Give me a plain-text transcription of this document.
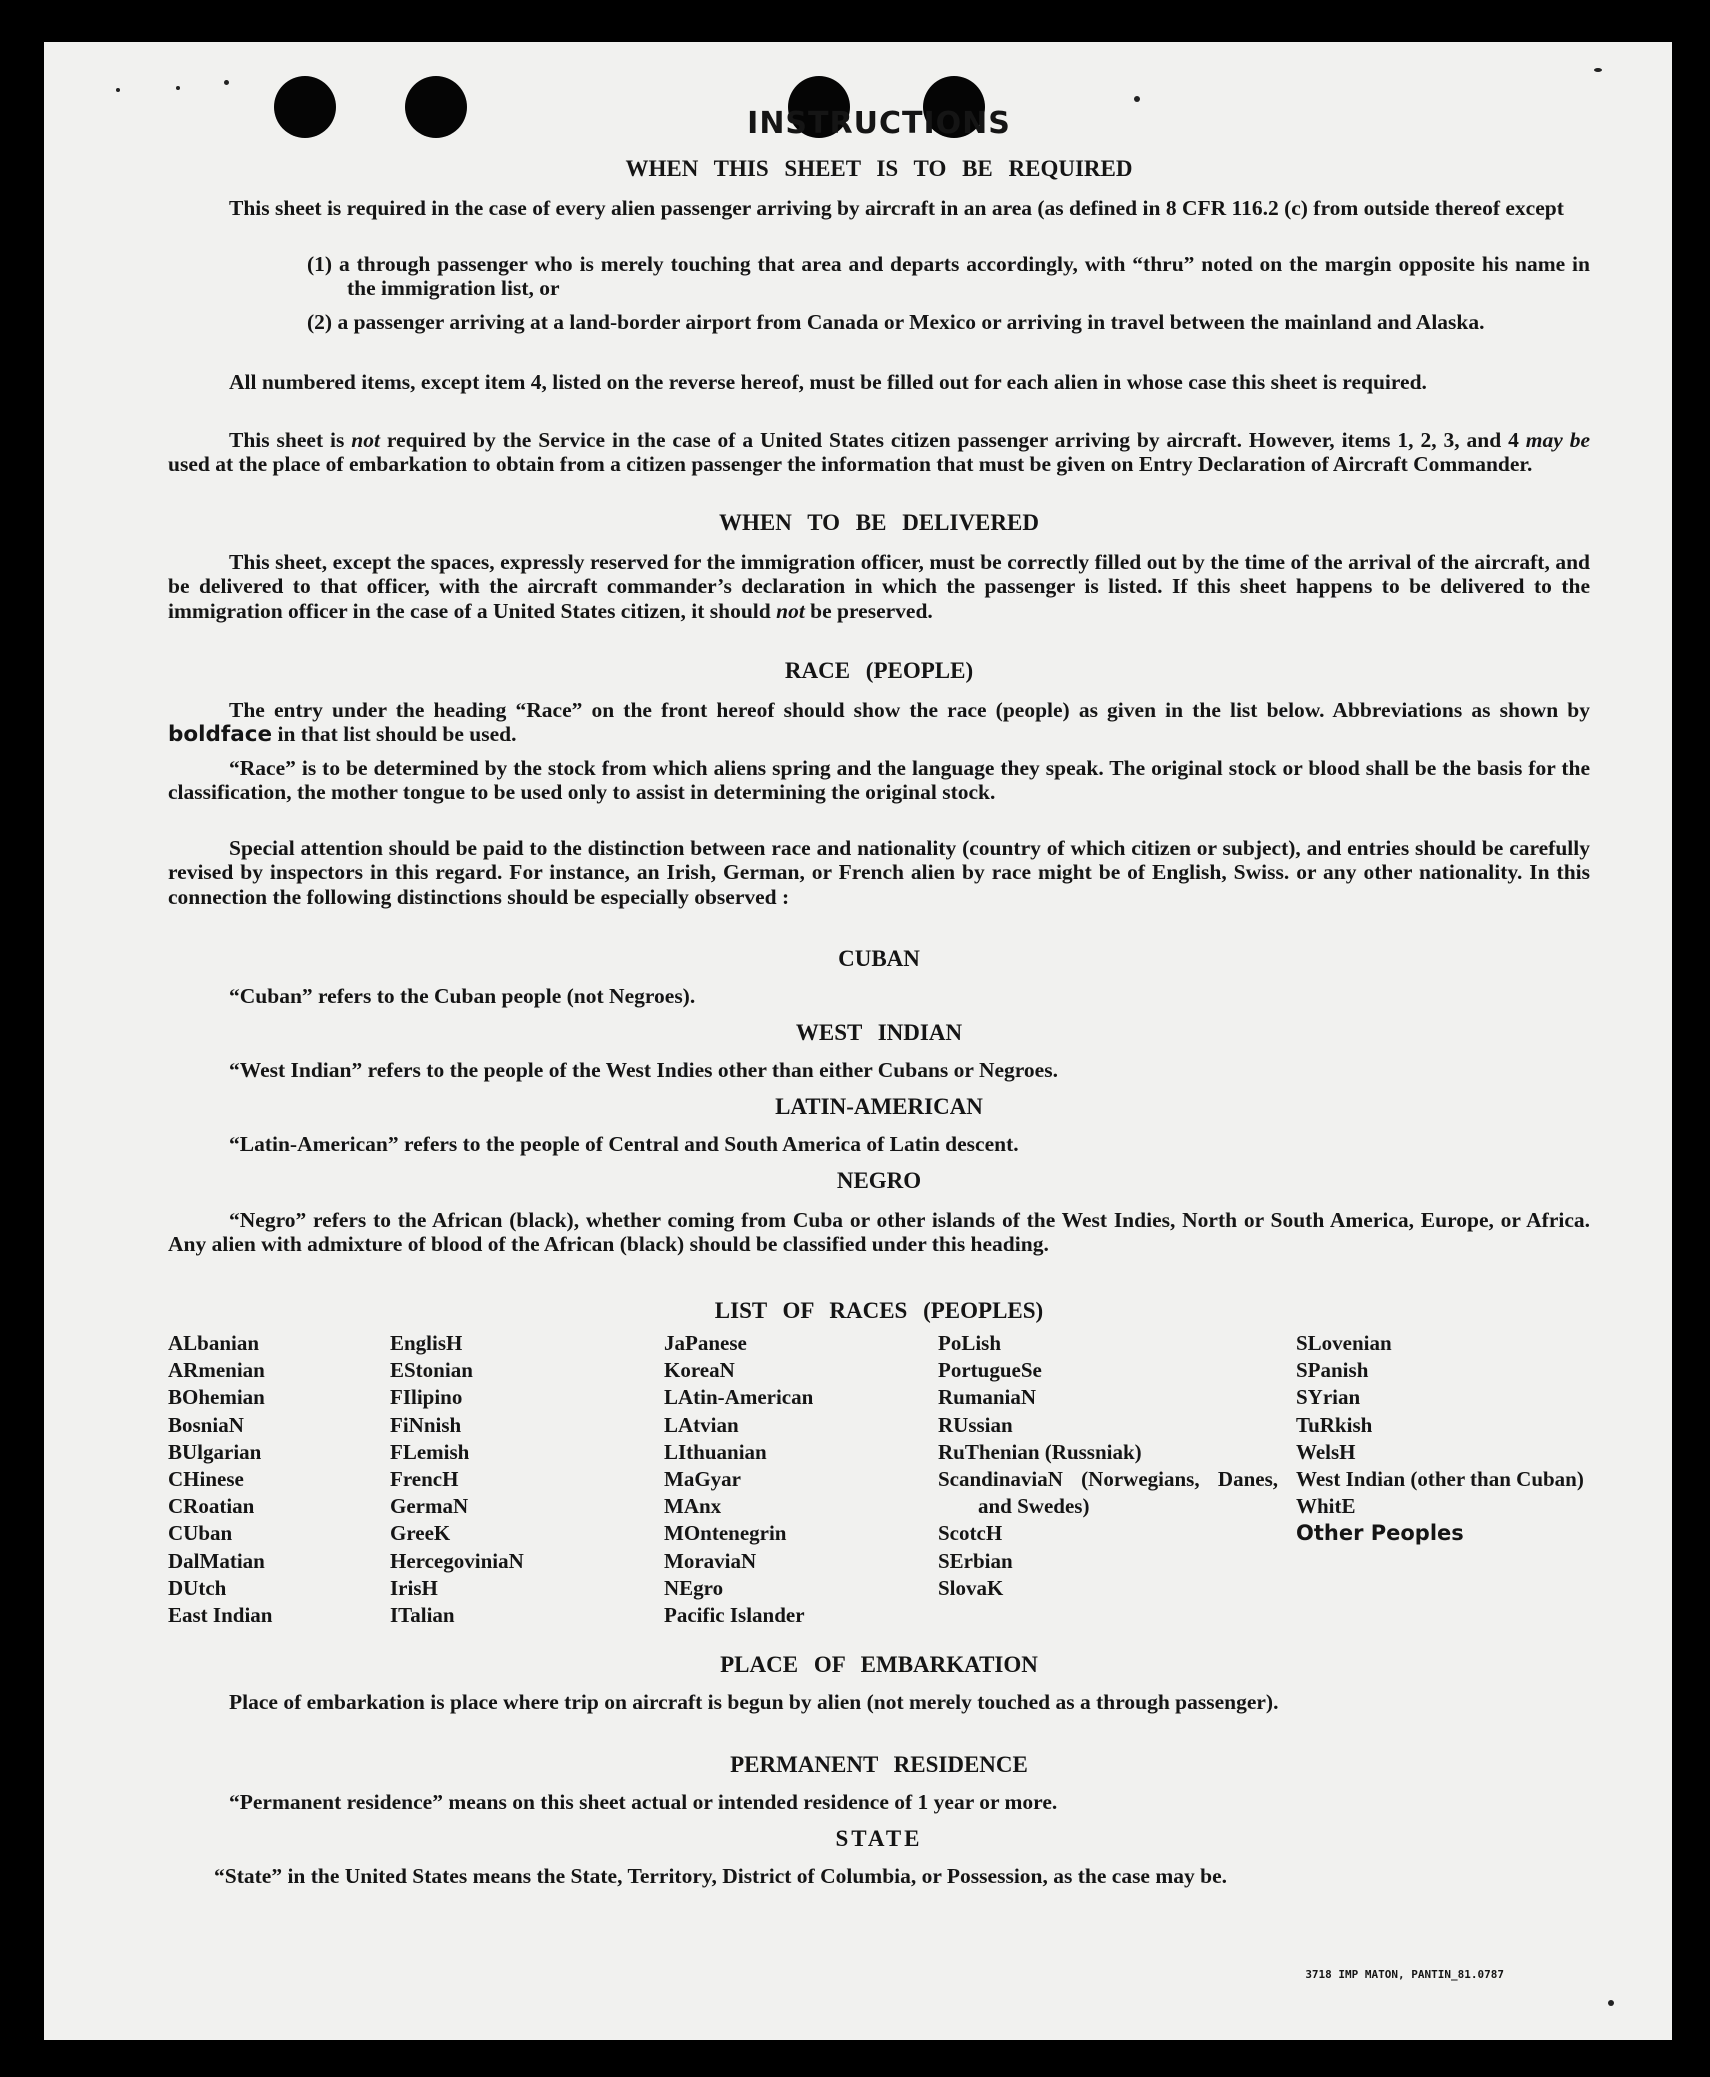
INSTRUCTIONS
WHEN THIS SHEET IS TO BE REQUIRED
This sheet is required in the case of every alien passenger arriving by aircraft in an area (as defined in 8 CFR 116.2 (c) from outside thereof except
(1) a through passenger who is merely touching that area and departs accordingly, with “thru” noted on the margin opposite his name in the immigration list, or
(2) a passenger arriving at a land-border airport from Canada or Mexico or arriving in travel between the mainland and Alaska.
All numbered items, except item 4, listed on the reverse hereof, must be filled out for each alien in whose case this sheet is required.
This sheet is not required by the Service in the case of a United States citizen passenger arriving by aircraft. However, items 1, 2, 3, and 4 may be used at the place of embarkation to obtain from a citizen passenger the information that must be given on Entry Declaration of Aircraft Commander.
WHEN TO BE DELIVERED
This sheet, except the spaces, expressly reserved for the immigration officer, must be correctly filled out by the time of the arrival of the aircraft, and be delivered to that officer, with the aircraft commander’s declaration in which the passenger is listed. If this sheet happens to be delivered to the immigration officer in the case of a United States citizen, it should not be preserved.
RACE (PEOPLE)
The entry under the heading “Race” on the front hereof should show the race (people) as given in the list below. Abbreviations as shown by boldface in that list should be used.
“Race” is to be determined by the stock from which aliens spring and the language they speak. The original stock or blood shall be the basis for the classification, the mother tongue to be used only to assist in determining the original stock.
Special attention should be paid to the distinction between race and nationality (country of which citizen or subject), and entries should be carefully revised by inspectors in this regard. For instance, an Irish, German, or French alien by race might be of English, Swiss. or any other nationality. In this connection the following distinctions should be especially observed :
CUBAN
“Cuban” refers to the Cuban people (not Negroes).
WEST INDIAN
“West Indian” refers to the people of the West Indies other than either Cubans or Negroes.
LATIN-AMERICAN
“Latin-American” refers to the people of Central and South America of Latin descent.
NEGRO
“Negro” refers to the African (black), whether coming from Cuba or other islands of the West Indies, North or South America, Europe, or Africa. Any alien with admixture of blood of the African (black) should be classified under this heading.
LIST OF RACES (PEOPLES)
ALbanian
ARmenian
BOhemian
BosniaN
BUlgarian
CHinese
CRoatian
CUban
DalMatian
DUtch
East Indian
EnglisH
EStonian
FIlipino
FiNnish
FLemish
FrencH
GermaN
GreeK
HercegoviniaN
IrisH
ITalian
JaPanese
KoreaN
LAtin-American
LAtvian
LIthuanian
MaGyar
MAnx
MOntenegrin
MoraviaN
NEgro
Pacific Islander
PoLish
PortugueSe
RumaniaN
RUssian
RuThenian (Russniak)
ScandinaviaN (Norwegians, Danes, and Swedes)
ScotcH
SErbian
SlovaK
SLovenian
SPanish
SYrian
TuRkish
WelsH
West Indian (other than Cuban)
WhitE
Other Peoples
PLACE OF EMBARKATION
Place of embarkation is place where trip on aircraft is begun by alien (not merely touched as a through passenger).
PERMANENT RESIDENCE
“Permanent residence” means on this sheet actual or intended residence of 1 year or more.
STATE
“State” in the United States means the State, Territory, District of Columbia, or Possession, as the case may be.
3718 IMP MATON, PANTIN_81.0787
